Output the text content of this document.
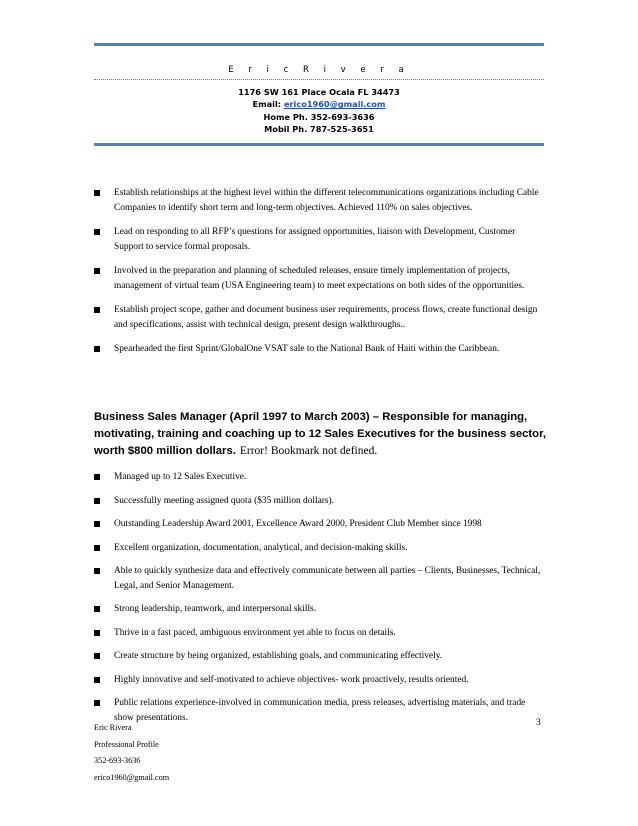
E r i c R i v e r a
1176 SW 161 Place Ocala FL 34473
Email: erico1960@gmail.com
Home Ph. 352-693-3636
Mobil Ph. 787-525-3651
Establish relationships at the highest level within the different telecommunications organizations including Cable Companies to identify short term and long-term objectives. Achieved 110% on sales objectives.
Lead on responding to all RFP’s questions for assigned opportunities, liaison with Development, Customer Support to service formal proposals.
Involved in the preparation and planning of scheduled releases, ensure timely implementation of projects, management of virtual team (USA Engineering team) to meet expectations on both sides of the opportunities.
Establish project scope, gather and document business user requirements, process flows, create functional design and specifications, assist with technical design, present design walkthroughs..
Spearheaded the first Sprint/GlobalOne VSAT sale to the National Bank of Haiti within the Caribbean.
Business Sales Manager (April 1997 to March 2003) – Responsible for managing, motivating, training and coaching up to 12 Sales Executives for the business sector, worth $800 million dollars. Error! Bookmark not defined.
Managed up to 12 Sales Executive.
Successfully meeting assigned quota ($35 million dollars).
Outstanding Leadership Award 2001, Excellence Award 2000, President Club Member since 1998
Excellent organization, documentation, analytical, and decision-making skills.
Able to quickly synthesize data and effectively communicate between all parties – Clients, Businesses, Technical, Legal, and Senior Management.
Strong leadership, teamwork, and interpersonal skills.
Thrive in a fast paced, ambiguous environment yet able to focus on details.
Create structure by being organized, establishing goals, and communicating effectively.
Highly innovative and self-motivated to achieve objectives- work proactively, results oriented.
Public relations experience-involved in communication media, press releases, advertising materials, and trade show presentations.
Eric Rivera
Professional Profile
352-693-3636
erico1960@gmail.com
3
